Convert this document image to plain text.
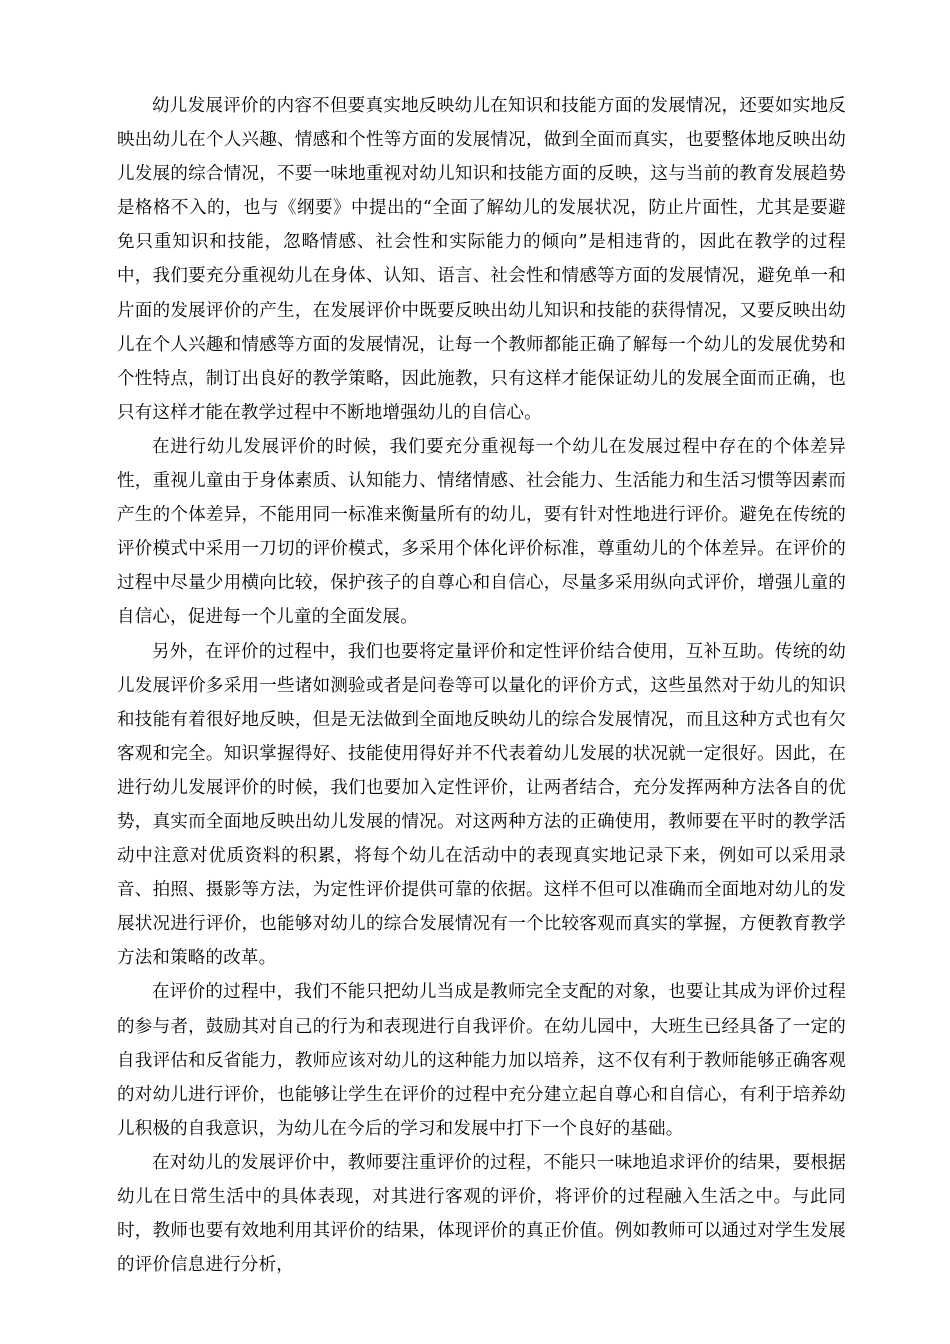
幼儿发展评价的内容不但要真实地反映幼儿在知识和技能方面的发展情况，还要如实地反映出幼儿在个人兴趣、情感和个性等方面的发展情况，做到全面而真实，也要整体地反映出幼儿发展的综合情况，不要一味地重视对幼儿知识和技能方面的反映，这与当前的教育发展趋势是格格不入的，也与《纲要》中提出的“全面了解幼儿的发展状况，防止片面性，尤其是要避免只重知识和技能，忽略情感、社会性和实际能力的倾向”是相违背的，因此在教学的过程中，我们要充分重视幼儿在身体、认知、语言、社会性和情感等方面的发展情况，避免单一和片面的发展评价的产生，在发展评价中既要反映出幼儿知识和技能的获得情况，又要反映出幼儿在个人兴趣和情感等方面的发展情况，让每一个教师都能正确了解每一个幼儿的发展优势和个性特点，制订出良好的教学策略，因此施教，只有这样才能保证幼儿的发展全面而正确，也只有这样才能在教学过程中不断地增强幼儿的自信心。

在进行幼儿发展评价的时候，我们要充分重视每一个幼儿在发展过程中存在的个体差异性，重视儿童由于身体素质、认知能力、情绪情感、社会能力、生活能力和生活习惯等因素而产生的个体差异，不能用同一标准来衡量所有的幼儿，要有针对性地进行评价。避免在传统的评价模式中采用一刀切的评价模式，多采用个体化评价标准，尊重幼儿的个体差异。在评价的过程中尽量少用横向比较，保护孩子的自尊心和自信心，尽量多采用纵向式评价，增强儿童的自信心，促进每一个儿童的全面发展。

另外，在评价的过程中，我们也要将定量评价和定性评价结合使用，互补互助。传统的幼儿发展评价多采用一些诸如测验或者是问卷等可以量化的评价方式，这些虽然对于幼儿的知识和技能有着很好地反映，但是无法做到全面地反映幼儿的综合发展情况，而且这种方式也有欠客观和完全。知识掌握得好、技能使用得好并不代表着幼儿发展的状况就一定很好。因此，在进行幼儿发展评价的时候，我们也要加入定性评价，让两者结合，充分发挥两种方法各自的优势，真实而全面地反映出幼儿发展的情况。对这两种方法的正确使用，教师要在平时的教学活动中注意对优质资料的积累，将每个幼儿在活动中的表现真实地记录下来，例如可以采用录音、拍照、摄影等方法，为定性评价提供可靠的依据。这样不但可以准确而全面地对幼儿的发展状况进行评价，也能够对幼儿的综合发展情况有一个比较客观而真实的掌握，方便教育教学方法和策略的改革。

在评价的过程中，我们不能只把幼儿当成是教师完全支配的对象，也要让其成为评价过程的参与者，鼓励其对自己的行为和表现进行自我评价。在幼儿园中，大班生已经具备了一定的自我评估和反省能力，教师应该对幼儿的这种能力加以培养，这不仅有利于教师能够正确客观的对幼儿进行评价，也能够让学生在评价的过程中充分建立起自尊心和自信心，有利于培养幼儿积极的自我意识，为幼儿在今后的学习和发展中打下一个良好的基础。

在对幼儿的发展评价中，教师要注重评价的过程，不能只一味地追求评价的结果，要根据幼儿在日常生活中的具体表现，对其进行客观的评价，将评价的过程融入生活之中。与此同时，教师也要有效地利用其评价的结果，体现评价的真正价值。例如教师可以通过对学生发展的评价信息进行分析，
